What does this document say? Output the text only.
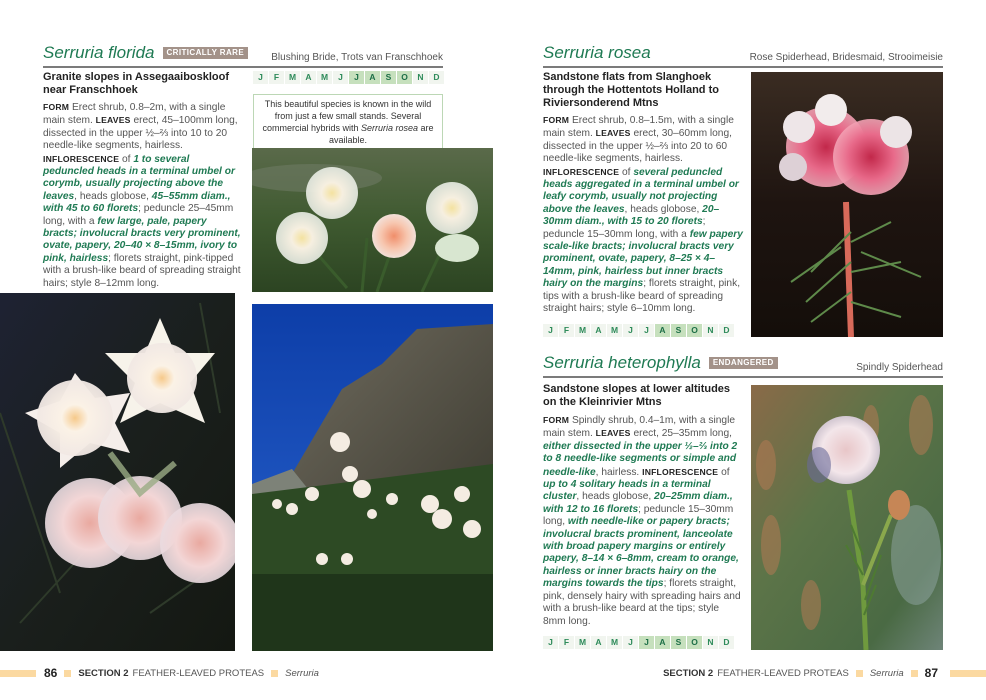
Serruria florida CRITICALLY RARE	Blushing Bride, Trots van Franschhoek
Granite slopes in Assegaaiboskloof near Franschhoek
FORM Erect shrub, 0.8–2m, with a single main stem. LEAVES erect, 45–100mm long, dissected in the upper ½–⅔ into 10 to 20 needle-like segments, hairless. INFLORESCENCE of 1 to several peduncled heads in a terminal umbel or corymb, usually projecting above the leaves, heads globose, 45–55mm diam., with 45 to 60 florets; peduncle 25–45mm long, with a few large, pale, papery bracts; involucral bracts very prominent, ovate, papery, 20–40 × 8–15mm, ivory to pink, hairless; florets straight, pink-tipped with a brush-like beard of spreading straight hairs; style 8–12mm long.
J	F	M	A	M	J	J	A	S	O	N	D
This beautiful species is known in the wild from just a few small stands. Several commercial hybrids with Serruria rosea are available.
86 SECTION 2 FEATHER-LEAVED PROTEAS Serruria
Serruria rosea	Rose Spiderhead, Bridesmaid, Strooimeisie
Sandstone flats from Slanghoek through the Hottentots Holland to Riviersonderend Mtns
FORM Erect shrub, 0.8–1.5m, with a single main stem. LEAVES erect, 30–60mm long, dissected in the upper ½–⅔ into 20 to 60 needle-like segments, hairless. INFLORESCENCE of several peduncled heads aggregated in a terminal umbel or leafy corymb, usually not projecting above the leaves, heads globose, 20–30mm diam., with 15 to 20 florets; peduncle 15–30mm long, with a few papery scale-like bracts; involucral bracts very prominent, ovate, papery, 8–25 × 4–14mm, pink, hairless but inner bracts hairy on the margins; florets straight, pink, tips with a brush-like beard of spreading straight hairs; style 6–10mm long.
J	F	M	A	M	J	J	A	S	O	N	D
Serruria heterophylla ENDANGERED	Spindly Spiderhead
Sandstone slopes at lower altitudes on the Kleinrivier Mtns
FORM Spindly shrub, 0.4–1m, with a single main stem. LEAVES erect, 25–35mm long, either dissected in the upper ½–⅔ into 2 to 8 needle-like segments or simple and needle-like, hairless. INFLORESCENCE of up to 4 solitary heads in a terminal cluster, heads globose, 20–25mm diam., with 12 to 16 florets; peduncle 15–30mm long, with needle-like or papery bracts; involucral bracts prominent, lanceolate with broad papery margins or entirely papery, 8–14 × 6–8mm, cream to orange, hairless or inner bracts hairy on the margins towards the tips; florets straight, pink, densely hairy with spreading hairs and with a brush-like beard at the tips; style 8mm long.
J	F	M	A	M	J	J	A	S	O	N	D
SECTION 2 FEATHER-LEAVED PROTEAS Serruria 87
